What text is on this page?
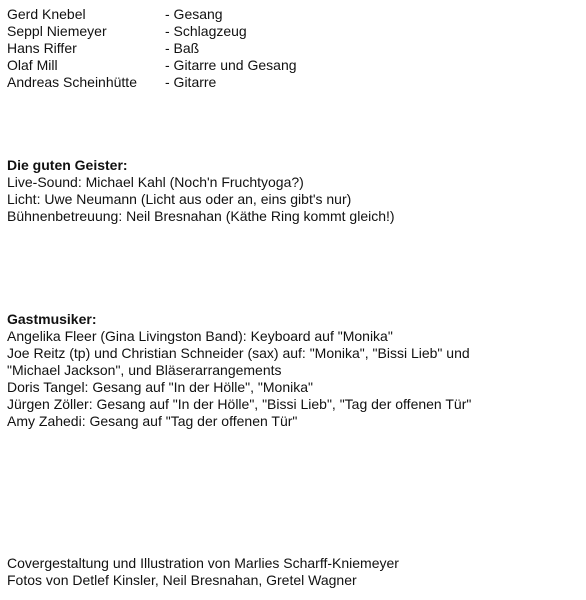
Gerd Knebel	- Gesang
Seppl Niemeyer	- Schlagzeug
Hans Riffer	- Baß
Olaf Mill	- Gitarre und Gesang
Andreas Scheinhütte	- Gitarre
Die guten Geister:
Live-Sound: Michael Kahl (Noch'n Fruchtyoga?)
Licht: Uwe Neumann (Licht aus oder an, eins gibt's nur)
Bühnenbetreuung: Neil Bresnahan (Käthe Ring kommt gleich!)
Gastmusiker:
Angelika Fleer (Gina Livingston Band): Keyboard auf "Monika"
Joe Reitz (tp) und Christian Schneider (sax) auf: "Monika", "Bissi Lieb" und
"Michael Jackson", und Bläserarrangements
Doris Tangel: Gesang auf "In der Hölle", "Monika"
Jürgen Zöller: Gesang auf "In der Hölle", "Bissi Lieb", "Tag der offenen Tür"
Amy Zahedi: Gesang auf "Tag der offenen Tür"
Covergestaltung und Illustration von Marlies Scharff-Kniemeyer
Fotos von Detlef Kinsler, Neil Bresnahan, Gretel Wagner
